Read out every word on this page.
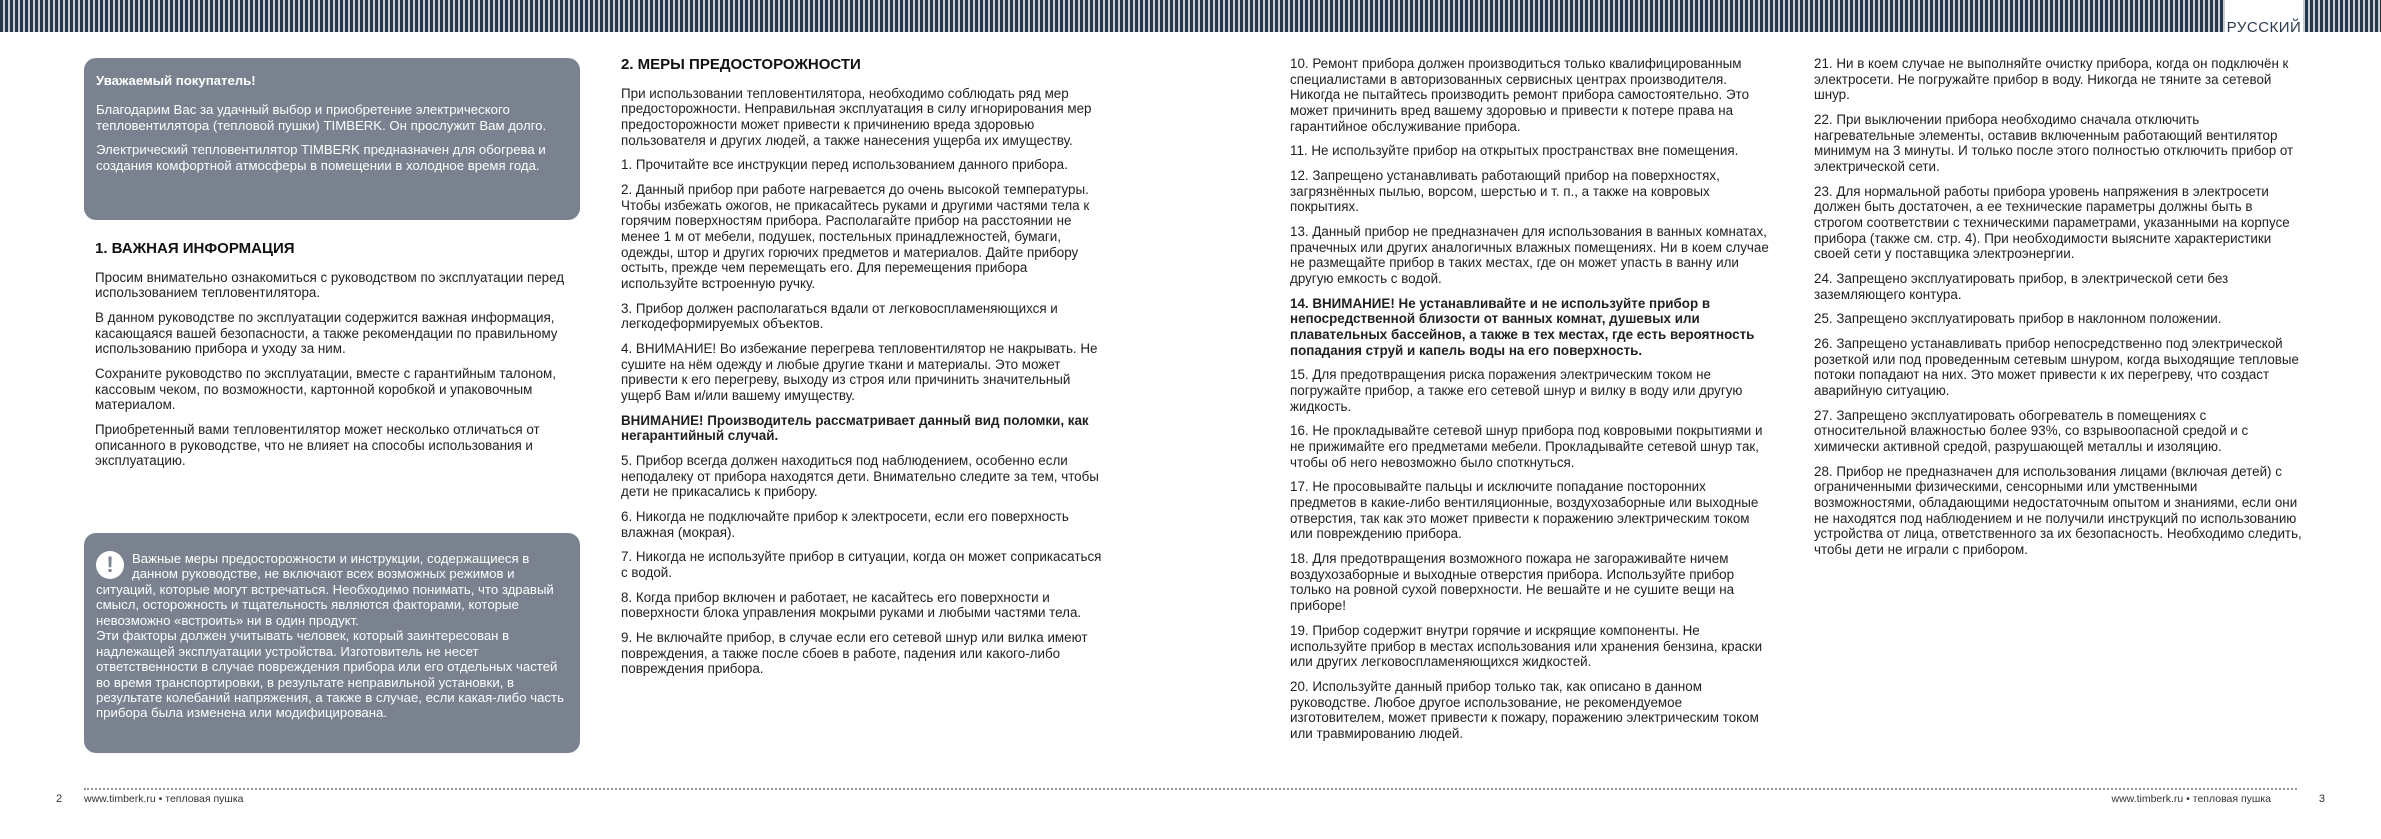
РУССКИЙ

Уважаемый покупатель!

Благодарим Вас за удачный выбор и приобретение электрического тепловентилятора (тепловой пушки) TIMBERK. Он прослужит Вам долго.

Электрический тепловентилятор TIMBERK предназначен для обогрева и создания комфортной атмосферы в помещении в холодное время года.

1. ВАЖНАЯ ИНФОРМАЦИЯ

Просим внимательно ознакомиться с руководством по эксплуатации перед использованием тепловентилятора.

В данном руководстве по эксплуатации содержится важная информация, касающаяся вашей безопасности, а также рекомендации по правильному использованию прибора и уходу за ним.

Сохраните руководство по эксплуатации, вместе с гарантийным талоном, кассовым чеком, по возможности, картонной коробкой и упаковочным материалом.

Приобретенный вами тепловентилятор может несколько отличаться от описанного в руководстве, что не влияет на способы использования и эксплуатацию.

!	Важные меры предосторожности и инструкции, содержащиеся в данном руководстве, не включают всех возможных режимов и ситуаций, которые могут встречаться. Необходимо понимать, что здравый смысл, осторожность и тщательность являются факторами, которые невозможно «встроить» ни в один продукт.

Эти факторы должен учитывать человек, который заинтересован в надлежащей эксплуатации устройства. Изготовитель не несет ответственности в случае повреждения прибора или его отдельных частей во время транспортировки, в результате неправильной установки, в результате колебаний напряжения, а также в случае, если какая-либо часть прибора была изменена или модифицирована.

2. МЕРЫ ПРЕДОСТОРОЖНОСТИ

При использовании тепловентилятора, необходимо соблюдать ряд мер предосторожности. Неправильная эксплуатация в силу игнорирования мер предосторожности может привести к причинению вреда здоровью пользователя и других людей, а также нанесения ущерба их имуществу.

1. Прочитайте все инструкции перед использованием данного прибора.

2. Данный прибор при работе нагревается до очень высокой температуры. Чтобы избежать ожогов, не прикасайтесь руками и другими частями тела к горячим поверхностям прибора. Располагайте прибор на расстоянии не менее 1 м от мебели, подушек, постельных принадлежностей, бумаги, одежды, штор и других горючих предметов и материалов. Дайте прибору остыть, прежде чем перемещать его. Для перемещения прибора используйте встроенную ручку.

3. Прибор должен располагаться вдали от легковоспламеняющихся и легкодеформируемых объектов.

4. ВНИМАНИЕ! Во избежание перегрева тепловентилятор не накрывать. Не сушите на нём одежду и любые другие ткани и материалы. Это может привести к его перегреву, выходу из строя или причинить значительный ущерб Вам и/или вашему имуществу.

ВНИМАНИЕ! Производитель рассматривает данный вид поломки, как негарантийный случай.

5. Прибор всегда должен находиться под наблюдением, особенно если неподалеку от прибора находятся дети. Внимательно следите за тем, чтобы дети не прикасались к прибору.

6. Никогда не подключайте прибор к электросети, если его поверхность влажная (мокрая).

7. Никогда не используйте прибор в ситуации, когда он может соприкасаться с водой.

8. Когда прибор включен и работает, не касайтесь его поверхности и поверхности блока управления мокрыми руками и любыми частями тела.

9. Не включайте прибор, в случае если его сетевой шнур или вилка имеют повреждения, а также после сбоев в работе, падения или какого-либо повреждения прибора.

10. Ремонт прибора должен производиться только квалифицированным специалистами в авторизованных сервисных центрах производителя. Никогда не пытайтесь производить ремонт прибора самостоятельно. Это может причинить вред вашему здоровью и привести к потере права на гарантийное обслуживание прибора.

11. Не используйте прибор на открытых пространствах вне помещения.

12. Запрещено устанавливать работающий прибор на поверхностях, загрязнённых пылью, ворсом, шерстью и т. п., а также на ковровых покрытиях.

13. Данный прибор не предназначен для использования в ванных комнатах, прачечных или других аналогичных влажных помещениях. Ни в коем случае не размещайте прибор в таких местах, где он может упасть в ванну или другую емкость с водой.

14. ВНИМАНИЕ! Не устанавливайте и не используйте прибор в непосредственной близости от ванных комнат, душевых или плавательных бассейнов, а также в тех местах, где есть вероятность попадания струй и капель воды на его поверхность.

15. Для предотвращения риска поражения электрическим током не погружайте прибор, а также его сетевой шнур и вилку в воду или другую жидкость.

16. Не прокладывайте сетевой шнур прибора под ковровыми покрытиями и не прижимайте его предметами мебели. Прокладывайте сетевой шнур так, чтобы об него невозможно было споткнуться.

17. Не просовывайте пальцы и исключите попадание посторонних предметов в какие-либо вентиляционные, воздухозаборные или выходные отверстия, так как это может привести к поражению электрическим током или повреждению прибора.

18. Для предотвращения возможного пожара не загораживайте ничем воздухозаборные и выходные отверстия прибора. Используйте прибор только на ровной сухой поверхности. Не вешайте и не сушите вещи на приборе!

19. Прибор содержит внутри горячие и искрящие компоненты. Не используйте прибор в местах использования или хранения бензина, краски или других легковоспламеняющихся жидкостей.

20. Используйте данный прибор только так, как описано в данном руководстве. Любое другое использование, не рекомендуемое изготовителем, может привести к пожару, поражению электрическим током или травмированию людей.

21. Ни в коем случае не выполняйте очистку прибора, когда он подключён к электросети. Не погружайте прибор в воду. Никогда не тяните за сетевой шнур.

22. При выключении прибора необходимо сначала отключить нагревательные элементы, оставив включенным работающий вентилятор минимум на 3 минуты. И только после этого полностью отключить прибор от электрической сети.

23. Для нормальной работы прибора уровень напряжения в электросети должен быть достаточен, а ее технические параметры должны быть в строгом соответствии с техническими параметрами, указанными на корпусе прибора (также см. стр. 4). При необходимости выясните характеристики своей сети у поставщика электроэнергии.

24. Запрещено эксплуатировать прибор, в электрической сети без заземляющего контура.

25. Запрещено эксплуатировать прибор в наклонном положении.

26. Запрещено устанавливать прибор непосредственно под электрической розеткой или под проведенным сетевым шнуром, когда выходящие тепловые потоки попадают на них. Это может привести к их перегреву, что создаст аварийную ситуацию.

27. Запрещено эксплуатировать обогреватель в помещениях с относительной влажностью более 93%, со взрывоопасной средой и с химически активной средой, разрушающей металлы и изоляцию.

28. Прибор не предназначен для использования лицами (включая детей) с ограниченными физическими, сенсорными или умственными возможностями, обладающими недостаточным опытом и знаниями, если они не находятся под наблюдением и не получили инструкций по использованию устройства от лица, ответственного за их безопасность. Необходимо следить, чтобы дети не играли с прибором.

2 www.timberk.ru • тепловая пушка	www.timberk.ru • тепловая пушка	3
